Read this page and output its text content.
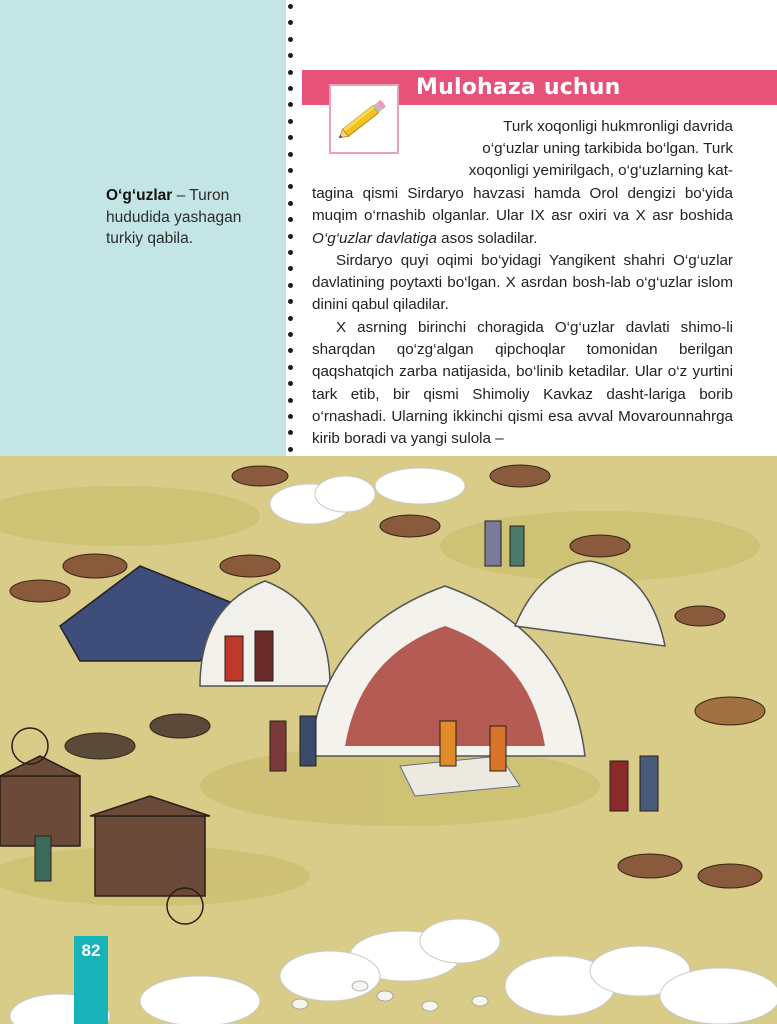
O‘g‘uzlar – Turon hududida yashagan turkiy qabila.
Mulohaza uchun
Turk xoqonligi hukmronligi davrida
o‘g‘uzlar uning tarkibida bo‘lgan. Turk
xoqonligi yemirilgach, o‘g‘uzlarning kat-

tagina qismi Sirdaryo havzasi hamda Orol dengizi bo‘yida muqim o‘rnashib olganlar. Ular IX asr oxiri va X asr boshida O‘g‘uzlar davlatiga asos soladilar.

Sirdaryo quyi oqimi bo‘yidagi Yangikent shahri O‘g‘uzlar davlatining poytaxti bo‘lgan. X asrdan bosh-lab o‘g‘uzlar islom dinini qabul qiladilar.

X asrning birinchi choragida O‘g‘uzlar davlati shimo-li sharqdan qo‘zg‘algan qipchoqlar tomonidan berilgan qaqshatqich zarba natijasida, bo‘linib ketadilar. Ular o‘z yurtini tark etib, bir qismi Shimoliy Kavkaz dasht-lariga borib o‘rnashadi. Ularning ikkinchi qismi esa avval Movarounnahrga kirib boradi va yangi sulola –

82
